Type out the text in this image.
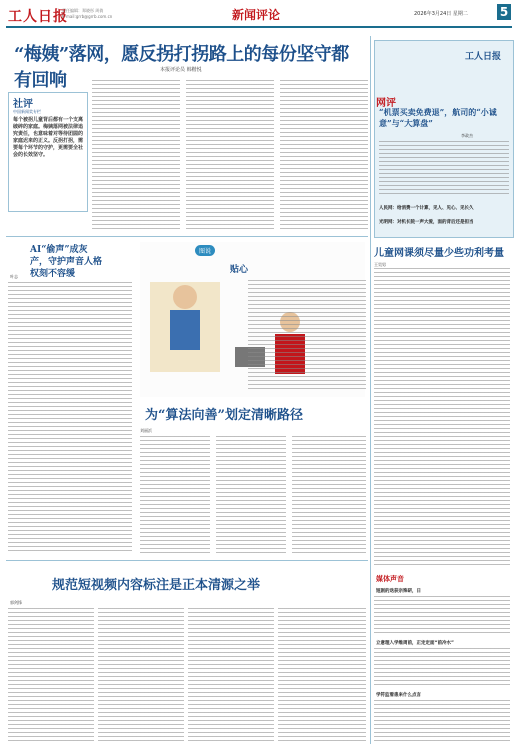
工人日报
责任编辑：郑晓彤 周倩
E-mail:grrb@grrb.com.cn	新闻评论	2026年3月24日 星期二	5
“梅姨”落网，愿反拐打拐路上的每份坚守都有回响	本报评论员 韩楷悦
社评
中国新闻奖专栏
每个被拐儿童背后都有一个支离破碎的家庭。梅姨落网被法律追究责任，也意味着对等待团圆的家庭迟来的正义。反拐打拐，需要每个环节的守护，更需要全社会的长效坚守。
AI“偷声”成灰产，守护声音人格权刻不容缓
叶志
图说
贴心
为“算法向善”划定清晰路径
刘丽浜
规范短视频内容标注是正本清源之举
郭剑锋
工人日报
“机票买卖免费退”，航司的“小诚意”与“大算盘”
李政杰
人民网：给消费一个计算，见人、见心、见长久
光明网：对机长院一声大爱，面的背后还是担当
网评
儿童网课须尽量少些功利考量
王昊男
媒体声音
短剧的迭获宗殊研，日
立意理入学维周前，正定定面“前冷水”
学符监看患来什么点言
